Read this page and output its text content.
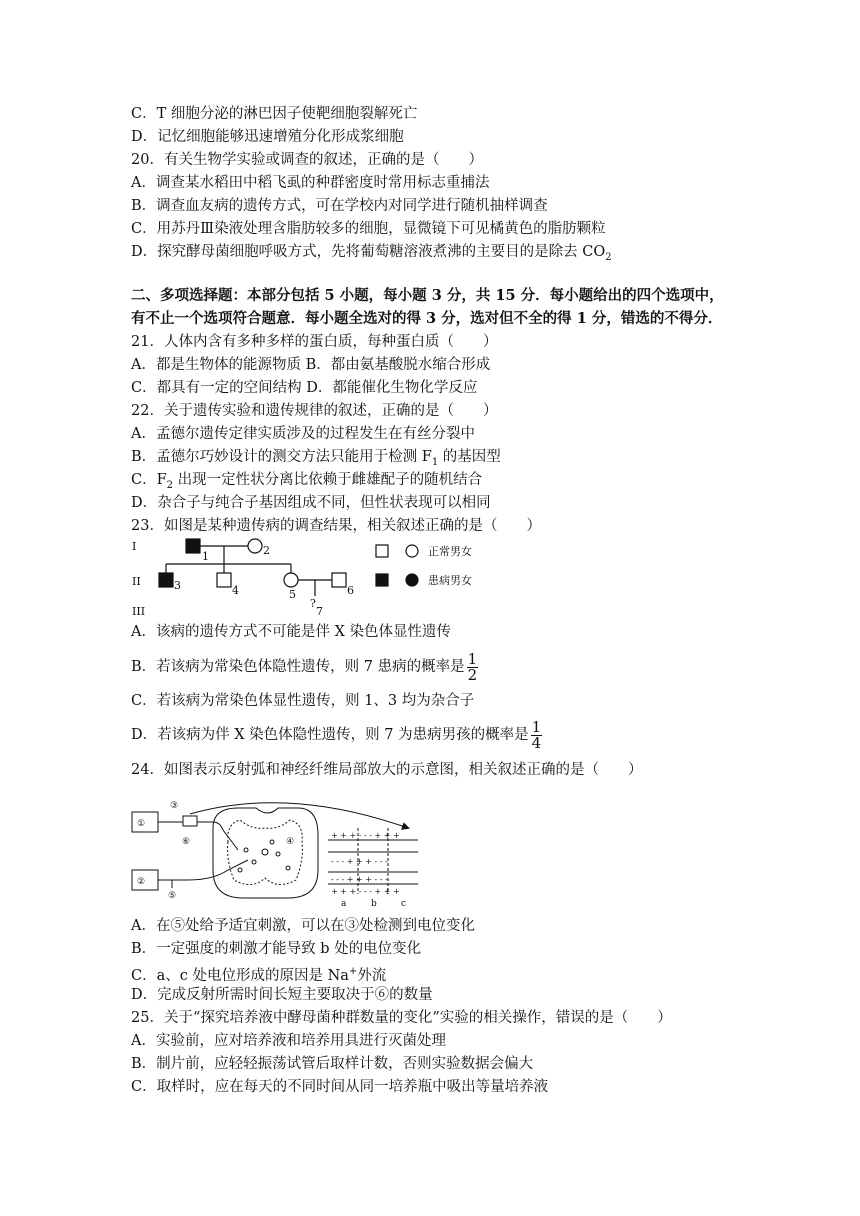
C．T 细胞分泌的淋巴因子使靶细胞裂解死亡
D．记忆细胞能够迅速增殖分化形成浆细胞
20．有关生物学实验或调查的叙述，正确的是（　　）
A．调查某水稻田中稻飞虱的种群密度时常用标志重捕法
B．调查血友病的遗传方式，可在学校内对同学进行随机抽样调查
C．用苏丹Ⅲ染液处理含脂肪较多的细胞，显微镜下可见橘黄色的脂肪颗粒
D．探究酵母菌细胞呼吸方式，先将葡萄糖溶液煮沸的主要目的是除去 $CO_2$
二、多项选择题：本部分包括 5 小题，每小题 3 分，共 15 分．每小题给出的四个选项中，
有不止一个选项符合题意．每小题全选对的得 3 分，选对但不全的得 1 分，错选的不得分．
21．人体内含有多种多样的蛋白质，每种蛋白质（　　）
A．都是生物体的能源物质 B．都由氨基酸脱水缩合形成
C．都具有一定的空间结构 D．都能催化生物化学反应
22．关于遗传实验和遗传规律的叙述，正确的是（　　）
A．孟德尔遗传定律实质涉及的过程发生在有丝分裂中
B．孟德尔巧妙设计的测交方法只能用于检测 $F_1$ 的基因型
C．$F_2$ 出现一定性状分离比依赖于雌雄配子的随机结合
D．杂合子与纯合子基因组成不同，但性状表现可以相同
23．如图是某种遗传病的调查结果，相关叙述正确的是（　　）
I
II
III
1	2
3	4	5	6
?
7
正常男女
患病男女
A．该病的遗传方式不可能是伴 X 染色体显性遗传
B．若该病为常染色体隐性遗传，则 7 患病的概率是 $\frac{1}{2}$
C．若该病为常染色体显性遗传，则 1、3 均为杂合子
D．若该病为伴 X 染色体隐性遗传，则 7 为患病男孩的概率是 $\frac{1}{4}$
24．如图表示反射弧和神经纤维局部放大的示意图，相关叙述正确的是（　　）
①
②
③
④
⑤
⑥
+ + + - - - + + +
- - - + + + - - -
- - - + + + - - -
+ + + - - - + + +
a	b	c
A．在⑤处给予适宜刺激，可以在③处检测到电位变化
B．一定强度的刺激才能导致 b 处的电位变化
C．a、c 处电位形成的原因是 Na+外流
D．完成反射所需时间长短主要取决于⑥的数量
25．关于“探究培养液中酵母菌种群数量的变化”实验的相关操作，错误的是（　　）
A．实验前，应对培养液和培养用具进行灭菌处理
B．制片前，应轻轻振荡试管后取样计数，否则实验数据会偏大
C．取样时，应在每天的不同时间从同一培养瓶中吸出等量培养液
